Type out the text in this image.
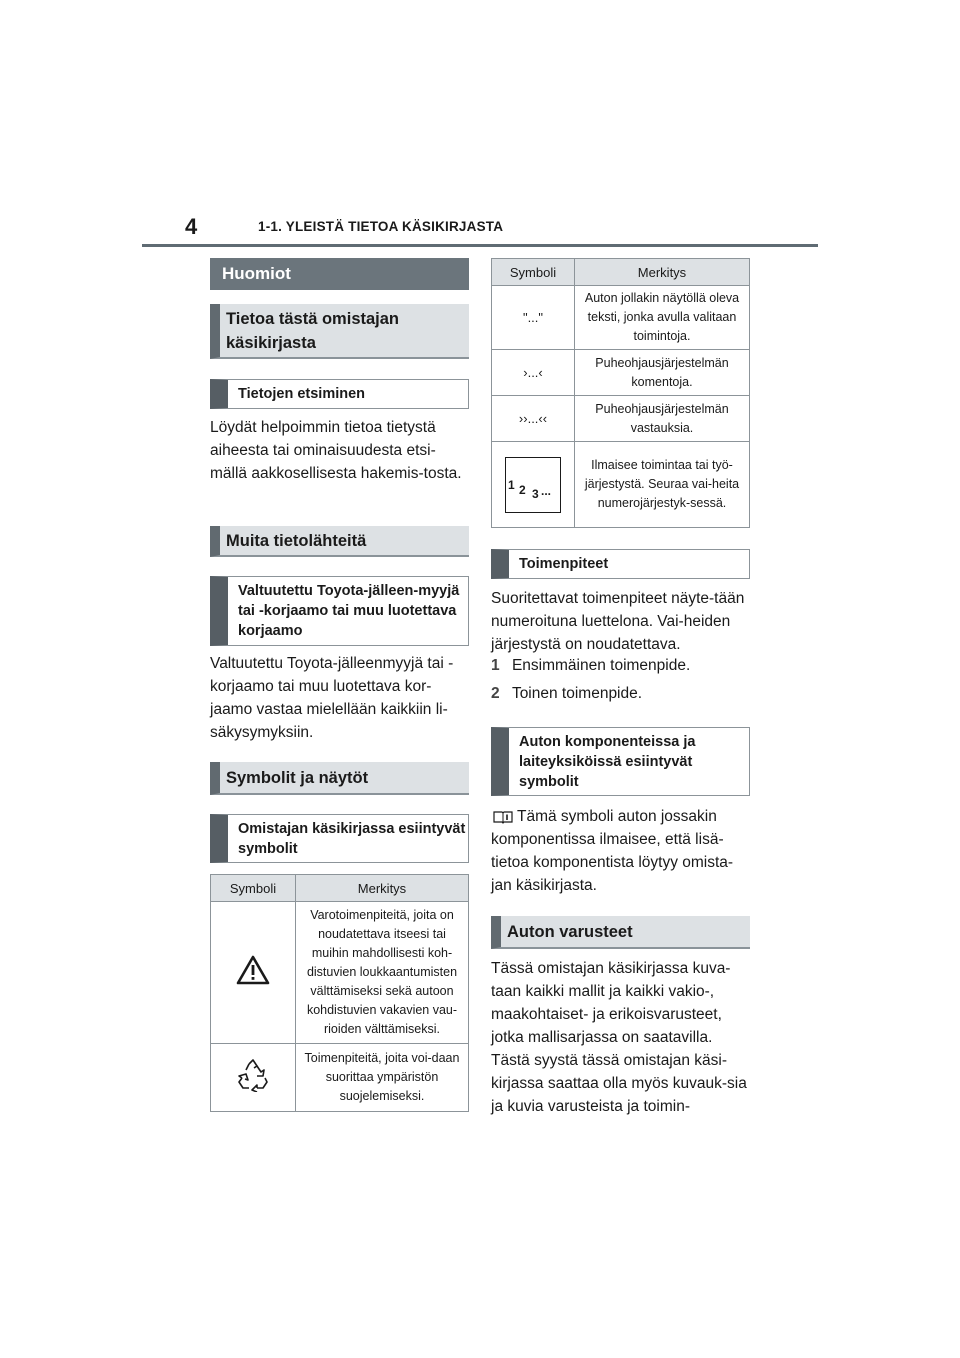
4	1-1. YLEISTÄ TIETOA KÄSIKIRJASTA
Huomiot
Tietoa tästä omistajan käsikirjasta
Tietojen etsiminen
Löydät helpoimmin tietoa tietystä aiheesta tai ominaisuudesta etsi-mällä aakkosellisesta hakemis-tosta.
Muita tietolähteitä
Valtuutettu Toyota-jälleen-myyjä tai -korjaamo tai muu luotettava korjaamo
Valtuutettu Toyota-jälleenmyyjä tai -korjaamo tai muu luotettava kor-jaamo vastaa mielellään kaikkiin li-säkysymyksiin.
Symbolit ja näytöt
Omistajan käsikirjassa esiintyvät symbolit
Symboli	Merkitys
	Varotoimenpiteitä, joita on noudatettava itseesi tai muihin mahdollisesti koh-distuvien loukkaantumisten välttämiseksi sekä autoon kohdistuvien vakavien vau-rioiden välttämiseksi.
	Toimenpiteitä, joita voi-daan suorittaa ympäristön suojelemiseksi.
Symboli	Merkitys
"..."	Auton jollakin näytöllä oleva teksti, jonka avulla valitaan toimintoja.
›...‹	Puheohjausjärjestelmän komentoja.
››...‹‹	Puheohjausjärjestelmän vastauksia.

1 2 3 ...	Ilmaisee toimintaa tai työ-järjestystä. Seuraa vai-heita numerojärjestyk-sessä.
Toimenpiteet
Suoritettavat toimenpiteet näyte-tään numeroituna luettelona. Vai-heiden järjestystä on noudatettava.
1 Ensimmäinen toimenpide.
2 Toinen toimenpide.
Auton komponenteissa ja laiteyksiköissä esiintyvät symbolit
Tämä symboli auton jossakin komponentissa ilmaisee, että lisä-tietoa komponentista löytyy omista-jan käsikirjasta.
Auton varusteet
Tässä omistajan käsikirjassa kuva-taan kaikki mallit ja kaikki vakio-, maakohtaiset- ja erikoisvarusteet, jotka mallisarjassa on saatavilla. Tästä syystä tässä omistajan käsi-kirjassa saattaa olla myös kuvauk-sia ja kuvia varusteista ja toimin-
